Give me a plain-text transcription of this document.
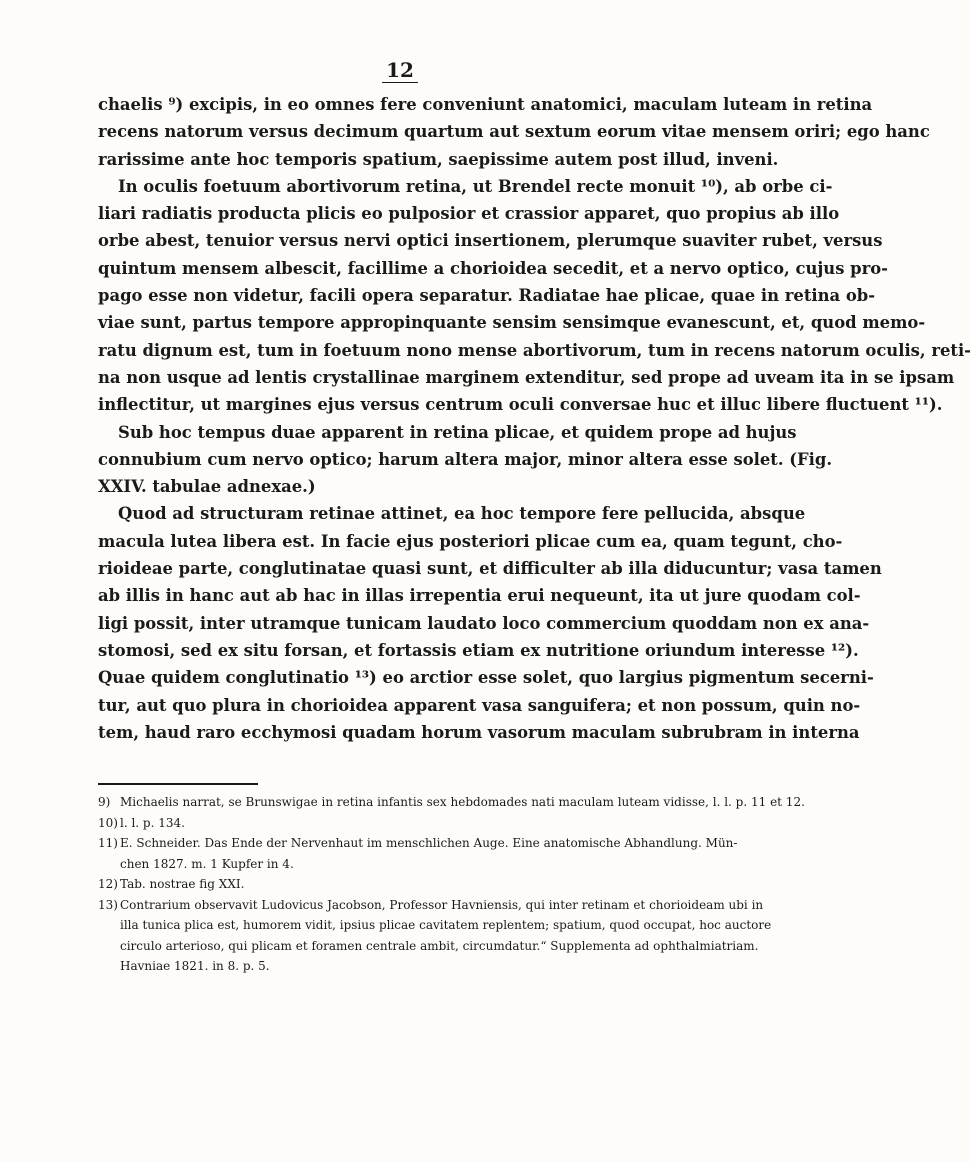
12
chaelis ⁹) excipis, in eo omnes fere conveniunt anatomici, maculam luteam in retina
recens natorum versus decimum quartum aut sextum eorum vitae mensem oriri; ego hanc
rarissime ante hoc temporis spatium, saepissime autem post illud, inveni.
In oculis foetuum abortivorum retina, ut Brendel recte monuit ¹⁰), ab orbe ci-
liari radiatis producta plicis eo pulposior et crassior apparet, quo propius ab illo
orbe abest, tenuior versus nervi optici insertionem, plerumque suaviter rubet, versus
quintum mensem albescit, facillime a chorioidea secedit, et a nervo optico, cujus pro-
pago esse non videtur, facili opera separatur. Radiatae hae plicae, quae in retina ob-
viae sunt, partus tempore appropinquante sensim sensimque evanescunt, et, quod memo-
ratu dignum est, tum in foetuum nono mense abortivorum, tum in recens natorum oculis, reti-
na non usque ad lentis crystallinae marginem extenditur, sed prope ad uveam ita in se ipsam
inflectitur, ut margines ejus versus centrum oculi conversae huc et illuc libere fluctuent ¹¹).
Sub hoc tempus duae apparent in retina plicae, et quidem prope ad hujus
connubium cum nervo optico; harum altera major, minor altera esse solet. (Fig.
XXIV. tabulae adnexae.)
Quod ad structuram retinae attinet, ea hoc tempore fere pellucida, absque
macula lutea libera est. In facie ejus posteriori plicae cum ea, quam tegunt, cho-
rioideae parte, conglutinatae quasi sunt, et difficulter ab illa diducuntur; vasa tamen
ab illis in hanc aut ab hac in illas irrepentia erui nequeunt, ita ut jure quodam col-
ligi possit, inter utramque tunicam laudato loco commercium quoddam non ex ana-
stomosi, sed ex situ forsan, et fortassis etiam ex nutritione oriundum interesse ¹²).
Quae quidem conglutinatio ¹³) eo arctior esse solet, quo largius pigmentum secerni-
tur, aut quo plura in chorioidea apparent vasa sanguifera; et non possum, quin no-
tem, haud raro ecchymosi quadam horum vasorum maculam subrubram in interna
9) Michaelis narrat, se Brunswigae in retina infantis sex hebdomades nati maculam luteam vidisse, l. l. p. 11 et 12.
10) l. l. p. 134.
11) E. Schneider. Das Ende der Nervenhaut im menschlichen Auge. Eine anatomische Abhandlung. Mün-
chen 1827. m. 1 Kupfer in 4.
12) Tab. nostrae fig XXI.
13) Contrarium observavit Ludovicus Jacobson, Professor Havniensis, qui inter retinam et chorioideam ubi in
illa tunica plica est, humorem vidit, ipsius plicae cavitatem replentem; spatium, quod occupat, hoc auctore
circulo arterioso, qui plicam et foramen centrale ambit, circumdatur.“ Supplementa ad ophthalmiatriam.
Havniae 1821. in 8. p. 5.
